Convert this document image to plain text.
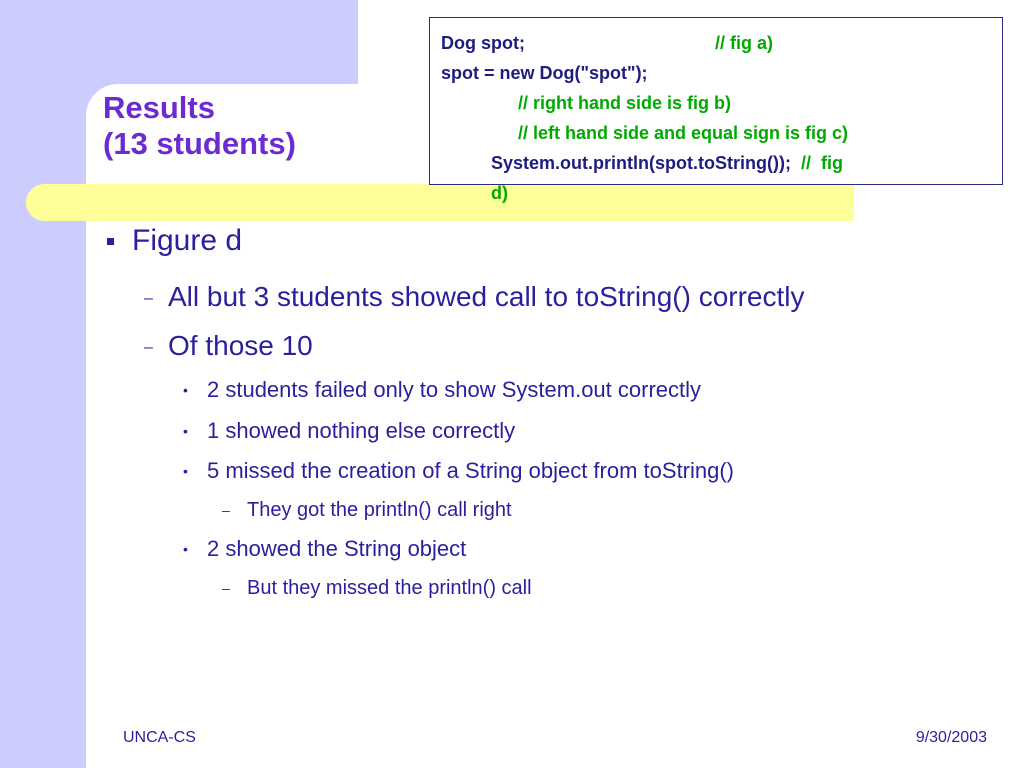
Results
(13 students)
Dog spot;	// fig a)
spot = new Dog("spot");
// right hand side is fig b)
// left hand side and equal sign is fig c)
System.out.println(spot.toString()); //  fig
d)
Figure d
– All but 3 students showed call to toString() correctly
– Of those 10
• 2 students failed only to show System.out correctly
• 1 showed nothing else correctly
• 5 missed the creation of a String object from toString()
– They got the println() call right
• 2 showed the String object
– But they missed the println() call
UNCA-CS	9/30/2003
